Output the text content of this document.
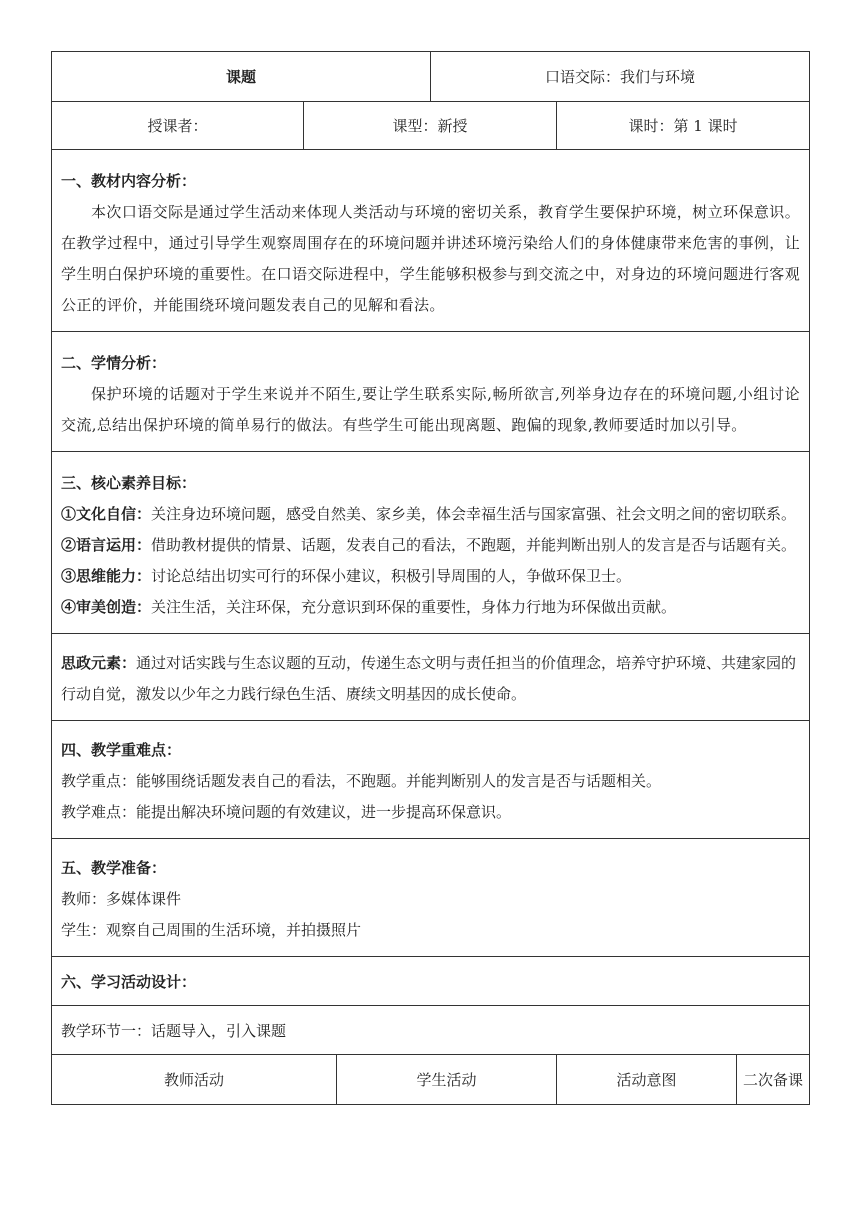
课题			口语交际：我们与环境		
授课者：	课型：新授			课时：第 1 课时	

一、教材内容分析：

本次口语交际是通过学生活动来体现人类活动与环境的密切关系，教育学生要保护环境，树立环保意识。在教学过程中，通过引导学生观察周围存在的环境问题并讲述环境污染给人们的身体健康带来危害的事例，让学生明白保护环境的重要性。在口语交际进程中，学生能够积极参与到交流之中，对身边的环境问题进行客观公正的评价，并能围绕环境问题发表自己的见解和看法。					

二、学情分析：

保护环境的话题对于学生来说并不陌生,要让学生联系实际,畅所欲言,列举身边存在的环境问题,小组讨论交流,总结出保护环境的简单易行的做法。有些学生可能出现离题、跑偏的现象,教师要适时加以引导。					

三、核心素养目标：

①文化自信：关注身边环境问题，感受自然美、家乡美，体会幸福生活与国家富强、社会文明之间的密切联系。

②语言运用：借助教材提供的情景、话题，发表自己的看法，不跑题，并能判断出别人的发言是否与话题有关。

③思维能力：讨论总结出切实可行的环保小建议，积极引导周围的人，争做环保卫士。

④审美创造：关注生活，关注环保，充分意识到环保的重要性，身体力行地为环保做出贡献。					

思政元素：通过对话实践与生态议题的互动，传递生态文明与责任担当的价值理念，培养守护环境、共建家园的行动自觉，激发以少年之力践行绿色生活、赓续文明基因的成长使命。					

四、教学重难点：

教学重点：能够围绕话题发表自己的看法，不跑题。并能判断别人的发言是否与话题相关。

教学难点：能提出解决环境问题的有效建议，进一步提高环保意识。					

五、教学准备：

教师：多媒体课件

学生：观察自己周围的生活环境，并拍摄照片					

六、学习活动设计：					
教学环节一：话题导入，引入课题					
教师活动		学生活动		活动意图	二次备课
